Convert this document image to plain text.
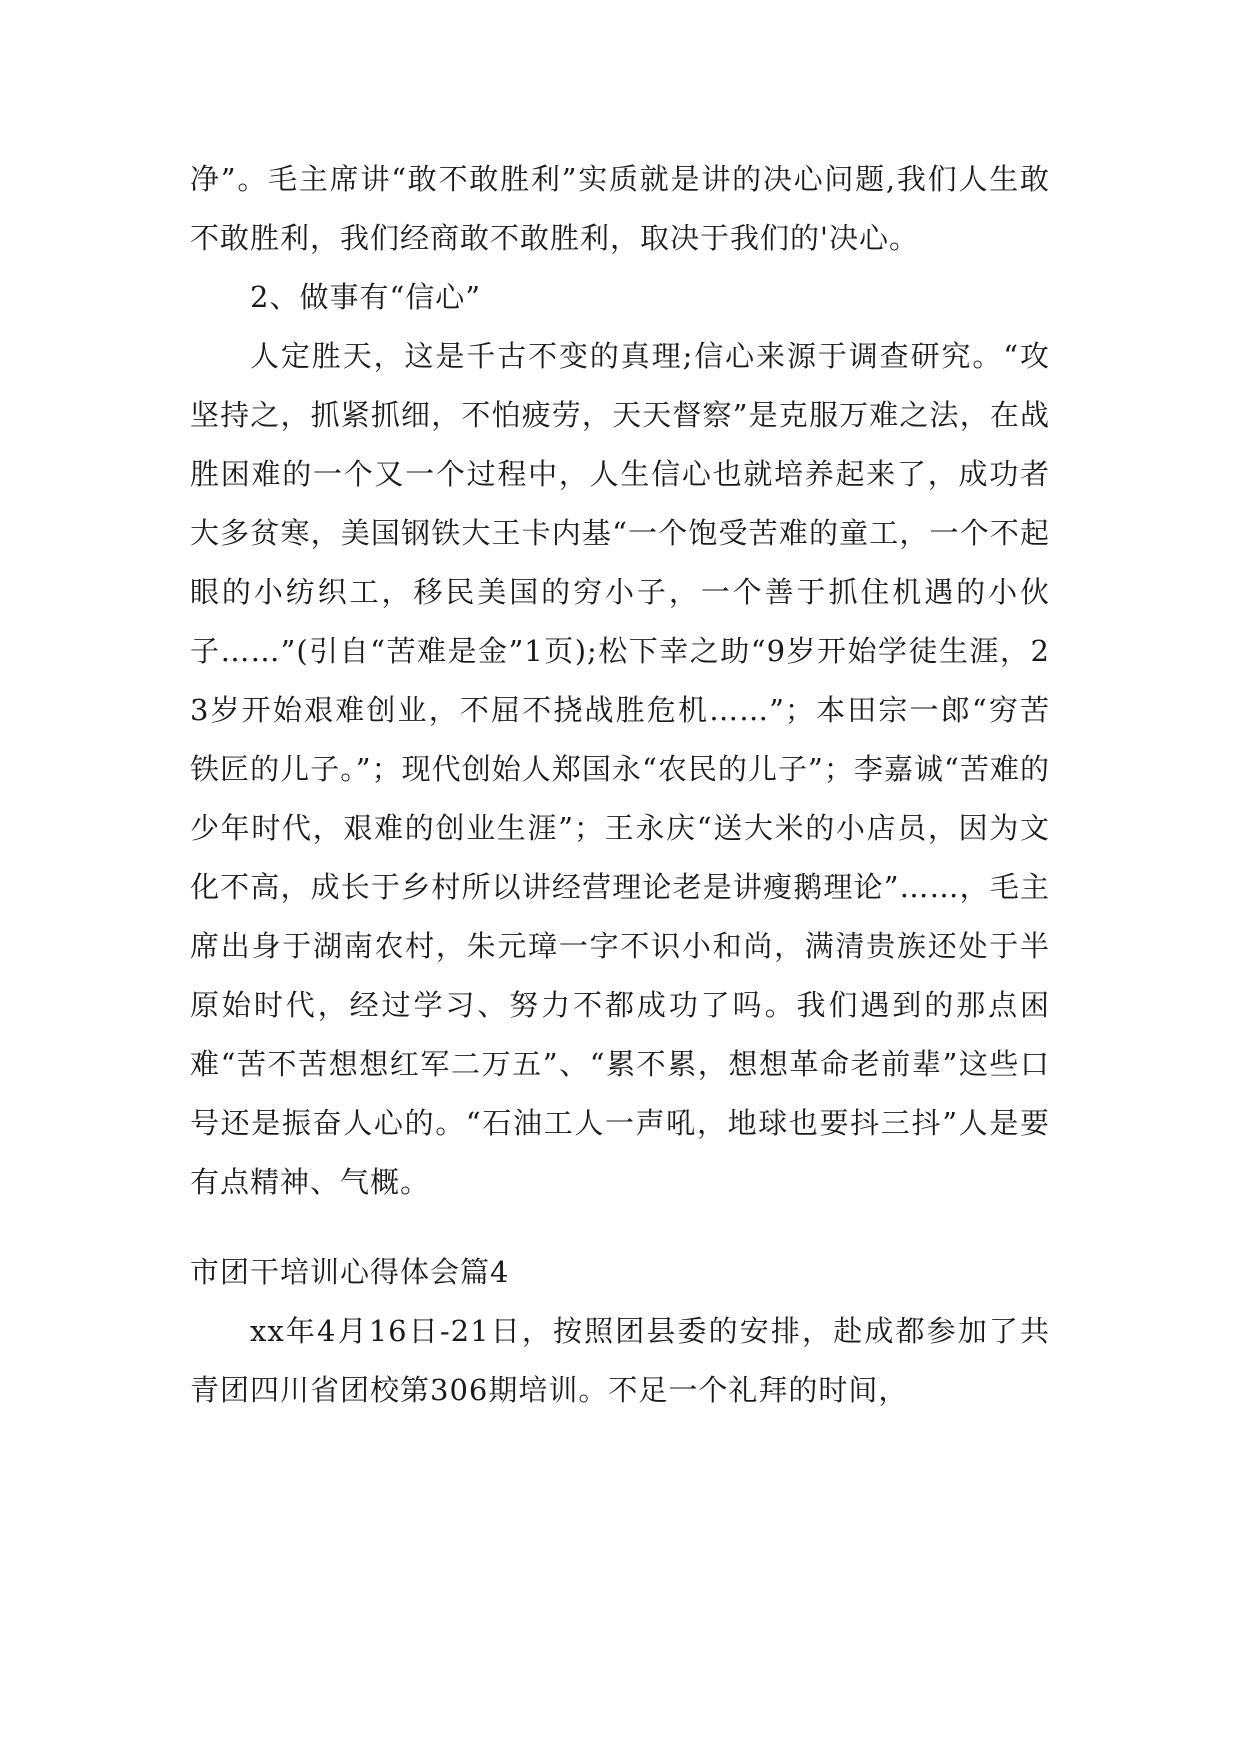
净”。毛主席讲“敢不敢胜利”实质就是讲的决心问题,我们人生敢不敢胜利，我们经商敢不敢胜利，取决于我们的'决心。

2、做事有“信心”

人定胜天，这是千古不变的真理;信心来源于调查研究。“攻坚持之，抓紧抓细，不怕疲劳，天天督察”是克服万难之法，在战胜困难的一个又一个过程中，人生信心也就培养起来了，成功者大多贫寒，美国钢铁大王卡内基“一个饱受苦难的童工，一个不起眼的小纺织工，移民美国的穷小子，一个善于抓住机遇的小伙子……”(引自“苦难是金”1页);松下幸之助“9岁开始学徒生涯，23岁开始艰难创业，不屈不挠战胜危机……”；本田宗一郎“穷苦铁匠的儿子。”；现代创始人郑国永“农民的儿子”；李嘉诚“苦难的少年时代，艰难的创业生涯”；王永庆“送大米的小店员，因为文化不高，成长于乡村所以讲经营理论老是讲瘦鹅理论”……，毛主席出身于湖南农村，朱元璋一字不识小和尚，满清贵族还处于半原始时代，经过学习、努力不都成功了吗。我们遇到的那点困难“苦不苦想想红军二万五”、“累不累，想想革命老前辈”这些口号还是振奋人心的。“石油工人一声吼，地球也要抖三抖”人是要有点精神、气概。

市团干培训心得体会篇4

xx年4月16日-21日，按照团县委的安排，赴成都参加了共青团四川省团校第306期培训。不足一个礼拜的时间，
